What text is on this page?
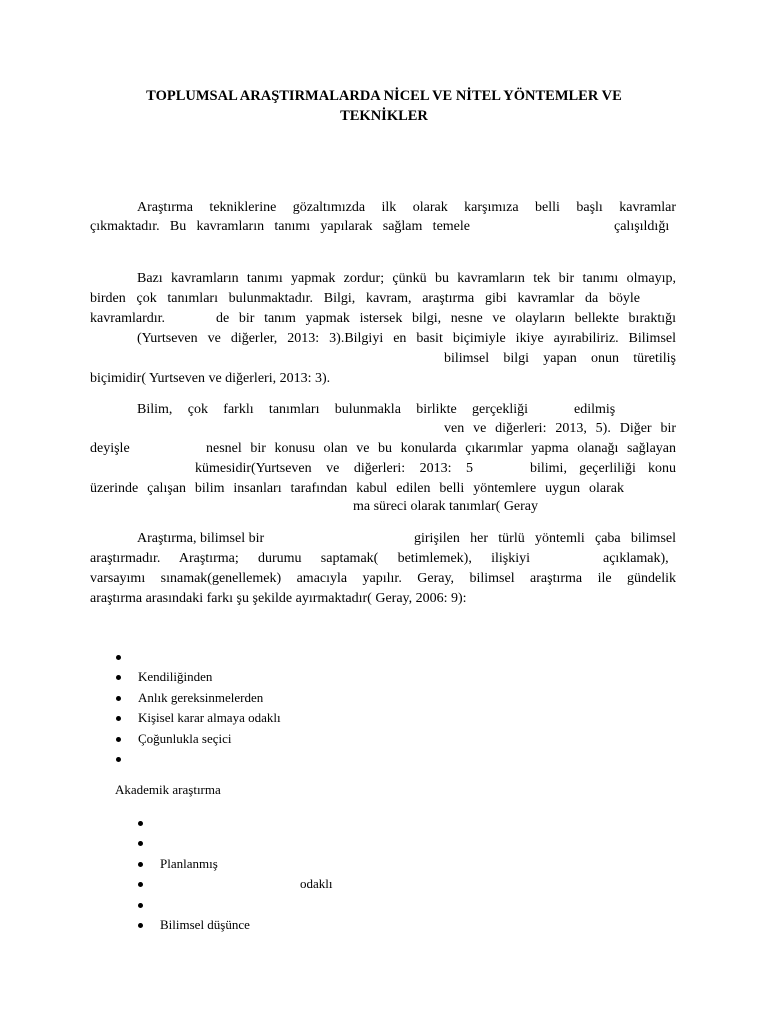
TOPLUMSAL ARAŞTIRMALARDA NİCEL VE NİTEL YÖNTEMLER VE
TEKNİKLER
Araştırma tekniklerine gözaltımızda ilk olarak karşımıza belli başlı kavramlar
çıkmaktadır. Bu kavramların tanımı yapılarak sağlam temele	çalışıldığı
Bazı kavramların tanımı yapmak zordur; çünkü bu kavramların tek bir tanımı olmayıp,
birden çok tanımları bulunmaktadır. Bilgi, kavram, araştırma gibi kavramlar da böyle
kavramlardır.	de bir tanım yapmak istersek bilgi, nesne ve olayların bellekte bıraktığı
(Yurtseven ve diğerler, 2013: 3).Bilgiyi en basit biçimiyle ikiye ayırabiliriz. Bilimsel
bilimsel bilgi yapan onun türetiliş
biçimidir( Yurtseven ve diğerleri, 2013: 3).
Bilim, çok farklı tanımları bulunmakla birlikte gerçekliği	edilmiş
ven ve diğerleri: 2013, 5). Diğer bir
deyişle	nesnel bir konusu olan ve bu konularda çıkarımlar yapma olanağı sağlayan
kümesidir(Yurtseven ve diğerleri: 2013: 5	bilimi, geçerliliği konu
üzerinde çalışan bilim insanları tarafından kabul edilen belli yöntemlere uygun olarak
ma süreci olarak tanımlar( Geray
Araştırma, bilimsel bir	girişilen her türlü yöntemli çaba bilimsel
araştırmadır. Araştırma; durumu saptamak( betimlemek), ilişkiyi	açıklamak),
varsayımı sınamak(genellemek) amacıyla yapılır. Geray, bilimsel araştırma ile gündelik
araştırma arasındaki farkı şu şekilde ayırmaktadır( Geray, 2006: 9):
Kendiliğinden
Anlık gereksinmelerden
Kişisel karar almaya odaklı
Çoğunlukla seçici
Akademik araştırma
Planlanmış
odaklı
Bilimsel düşünce
